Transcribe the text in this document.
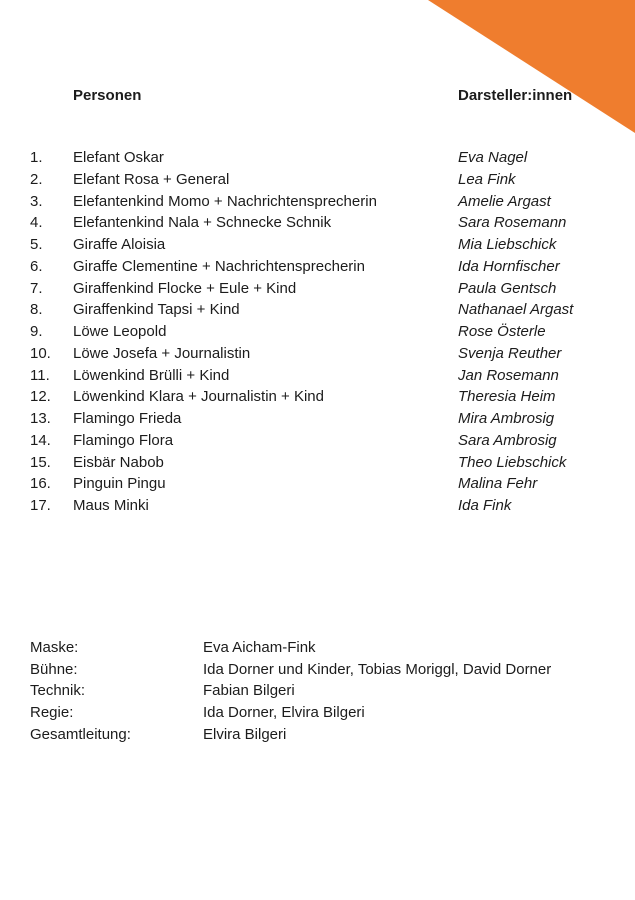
Personen	Darsteller:innen
1.	Elefant Oskar	Eva Nagel
2.	Elefant Rosa + General	Lea Fink
3.	Elefantenkind Momo + Nachrichtensprecherin	Amelie Argast
4.	Elefantenkind Nala + Schnecke Schnik	Sara Rosemann
5.	Giraffe Aloisia	Mia Liebschick
6.	Giraffe Clementine + Nachrichtensprecherin	Ida Hornfischer
7.	Giraffenkind Flocke + Eule + Kind	Paula Gentsch
8.	Giraffenkind Tapsi + Kind	Nathanael Argast
9.	Löwe Leopold	Rose Österle
10.	Löwe Josefa + Journalistin	Svenja Reuther
11.	Löwenkind Brülli + Kind	Jan Rosemann
12.	Löwenkind Klara + Journalistin + Kind	Theresia Heim
13.	Flamingo Frieda	Mira Ambrosig
14.	Flamingo Flora	Sara Ambrosig
15.	Eisbär Nabob	Theo Liebschick
16.	Pinguin Pingu	Malina Fehr
17.	Maus Minki	Ida Fink
Maske:	Eva Aicham-Fink
Bühne:	Ida Dorner und Kinder, Tobias Moriggl, David Dorner
Technik:	Fabian Bilgeri
Regie:	Ida Dorner, Elvira Bilgeri
Gesamtleitung:	Elvira Bilgeri
